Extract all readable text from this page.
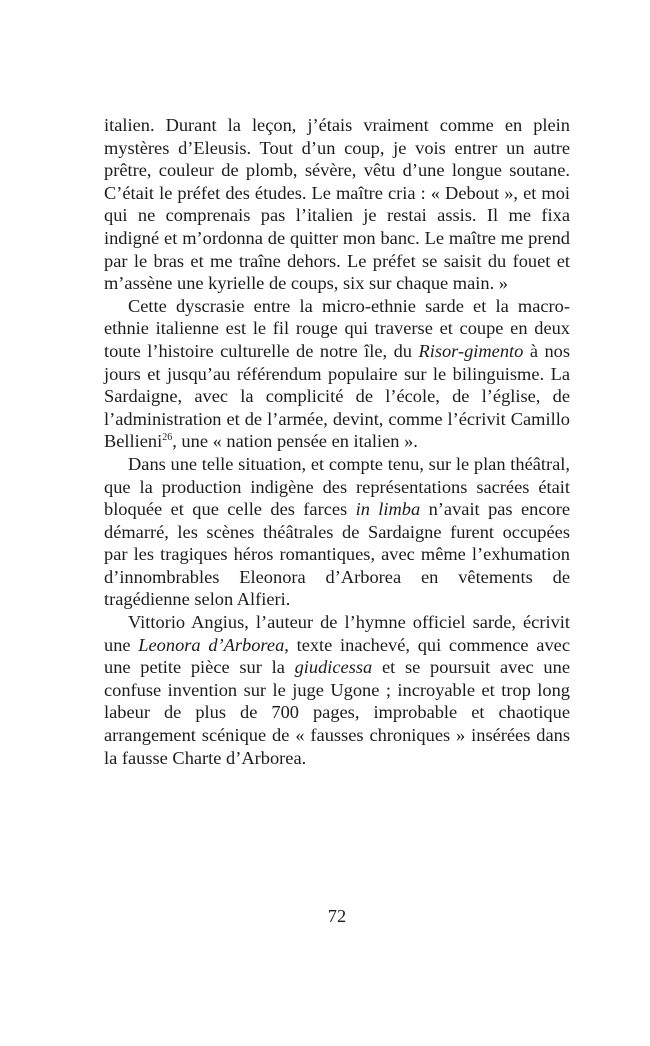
italien. Durant la leçon, j’étais vraiment comme en plein mystères d’Eleusis. Tout d’un coup, je vois entrer un autre prêtre, couleur de plomb, sévère, vêtu d’une longue soutane. C’était le préfet des études. Le maître cria : « Debout », et moi qui ne comprenais pas l’italien je restai assis. Il me fixa indigné et m’ordonna de quitter mon banc. Le maître me prend par le bras et me traîne dehors. Le préfet se saisit du fouet et m’assène une kyrielle de coups, six sur chaque main. »

Cette dyscrasie entre la micro-ethnie sarde et la macro-ethnie italienne est le fil rouge qui traverse et coupe en deux toute l’histoire culturelle de notre île, du Risor-gimento à nos jours et jusqu’au référendum populaire sur le bilinguisme. La Sardaigne, avec la complicité de l’école, de l’église, de l’administration et de l’armée, devint, comme l’écrivit Camillo Bellieni$^{26}$, une « nation pensée en italien ».

Dans une telle situation, et compte tenu, sur le plan théâtral, que la production indigène des représentations sacrées était bloquée et que celle des farces in limba n’avait pas encore démarré, les scènes théâtrales de Sardaigne furent occupées par les tragiques héros romantiques, avec même l’exhumation d’innombrables Eleonora d’Arborea en vêtements de tragédienne selon Alfieri.

Vittorio Angius, l’auteur de l’hymne officiel sarde, écrivit une Leonora d’Arborea, texte inachevé, qui commence avec une petite pièce sur la giudicessa et se poursuit avec une confuse invention sur le juge Ugone ; incroyable et trop long labeur de plus de 700 pages, improbable et chaotique arrangement scénique de « fausses chroniques » insérées dans la fausse Charte d’Arborea.

72
